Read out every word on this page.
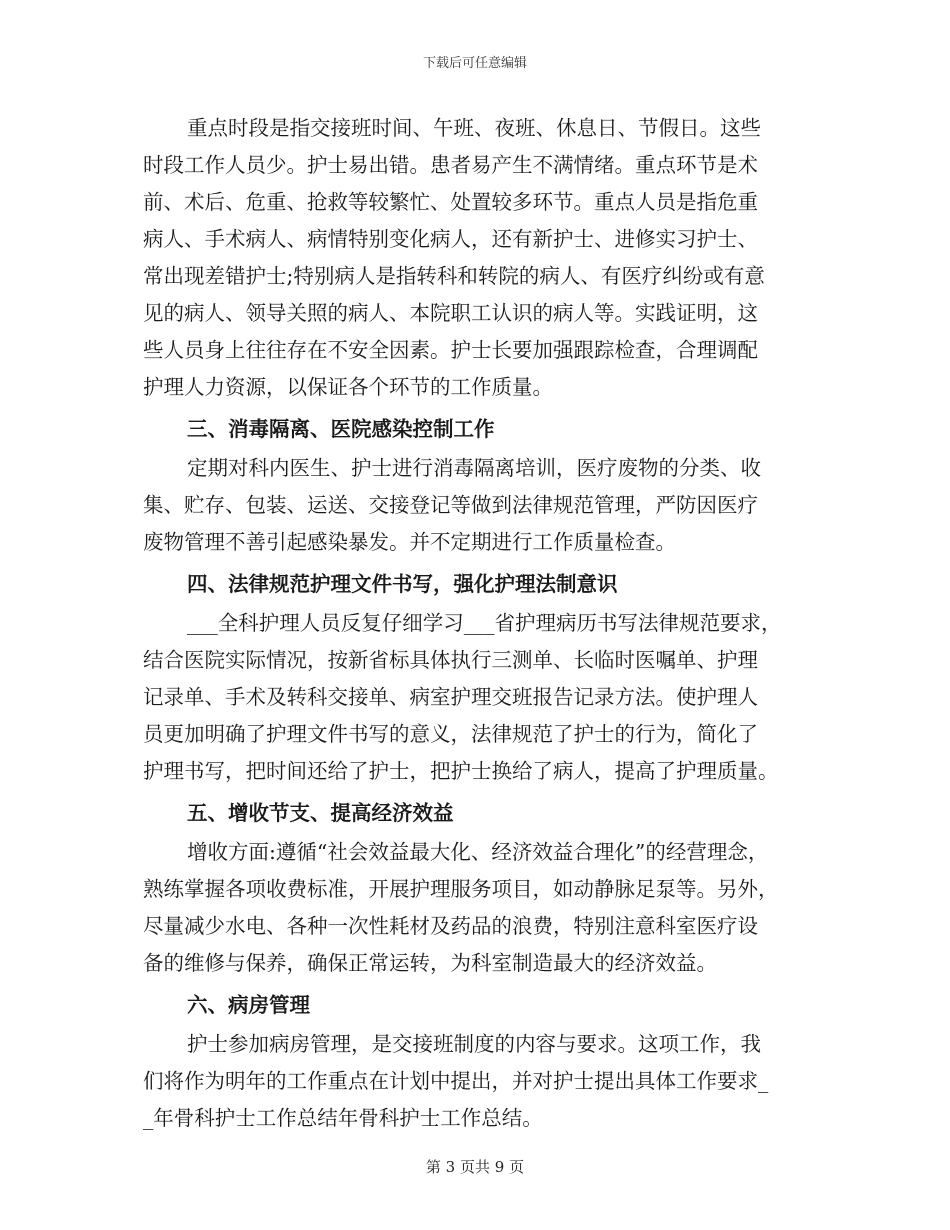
下载后可任意编辑
重点时段是指交接班时间、午班、夜班、休息日、节假日。这些
时段工作人员少。护士易出错。患者易产生不满情绪。重点环节是术
前、术后、危重、抢救等较繁忙、处置较多环节。重点人员是指危重
病人、手术病人、病情特别变化病人，还有新护士、进修实习护士、
常出现差错护士;特别病人是指转科和转院的病人、有医疗纠纷或有意
见的病人、领导关照的病人、本院职工认识的病人等。实践证明，这
些人员身上往往存在不安全因素。护士长要加强跟踪检查，合理调配
护理人力资源，以保证各个环节的工作质量。
三、消毒隔离、医院感染控制工作
定期对科内医生、护士进行消毒隔离培训，医疗废物的分类、收
集、贮存、包装、运送、交接登记等做到法律规范管理，严防因医疗
废物管理不善引起感染暴发。并不定期进行工作质量检查。
四、法律规范护理文件书写，强化护理法制意识
___全科护理人员反复仔细学习___省护理病历书写法律规范要求，
结合医院实际情况，按新省标具体执行三测单、长临时医嘱单、护理
记录单、手术及转科交接单、病室护理交班报告记录方法。使护理人
员更加明确了护理文件书写的意义，法律规范了护士的行为，简化了
护理书写，把时间还给了护士，把护士换给了病人，提高了护理质量。
五、增收节支、提高经济效益
增收方面:遵循“社会效益最大化、经济效益合理化”的经营理念，
熟练掌握各项收费标准，开展护理服务项目，如动静脉足泵等。另外，
尽量减少水电、各种一次性耗材及药品的浪费，特别注意科室医疗设
备的维修与保养，确保正常运转，为科室制造最大的经济效益。
六、病房管理
护士参加病房管理，是交接班制度的内容与要求。这项工作，我
们将作为明年的工作重点在计划中提出，并对护士提出具体工作要求_
_年骨科护士工作总结年骨科护士工作总结。
第 3 页共 9 页
